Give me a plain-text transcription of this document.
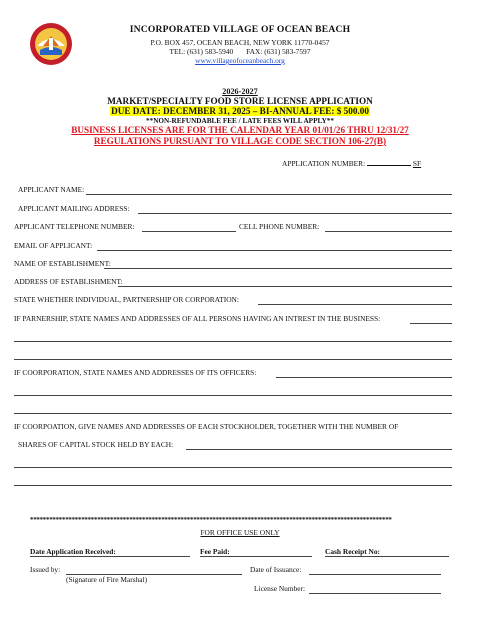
INCORPORATED VILLAGE OF OCEAN BEACH
P.O. BOX 457, OCEAN BEACH, NEW YORK 11770-0457
TEL: (631) 583-5940       FAX: (631) 583-7597
www.villageofoceanbeach.org
2026-2027
MARKET/SPECIALTY FOOD STORE LICENSE APPLICATION
DUE DATE: DECEMBER 31, 2025 – BI-ANNUAL FEE: $ 500.00
**NON-REFUNDABLE FEE / LATE FEES WILL APPLY**
BUSINESS LICENSES ARE FOR THE CALENDAR YEAR 01/01/26 THRU 12/31/27
REGULATIONS PURSUANT TO VILLAGE CODE SECTION 106-27(B)
APPLICATION NUMBER:	SF
APPLICANT NAME:
APPLICANT MAILING ADDRESS:
APPLICANT TELEPHONE NUMBER:	CELL PHONE NUMBER:
EMAIL OF APPLICANT:
NAME OF ESTABLISHMENT:
ADDRESS OF ESTABLISHMENT:
STATE WHETHER INDIVIDUAL, PARTNERSHIP OR CORPORATION:
IF PARNERSHIP, STATE NAMES AND ADDRESSES OF ALL PERSONS HAVING AN INTREST IN THE BUSINESS:
IF COORPORATION, STATE NAMES AND ADDRESSES OF ITS OFFICERS:
IF COORPOATION, GIVE NAMES AND ADDRESSES OF EACH STOCKHOLDER, TOGETHER WITH THE NUMBER OF
SHARES OF CAPITAL STOCK HELD BY EACH:
*****************************************************************************************************************
FOR OFFICE USE ONLY
Date Application Received:	Fee Paid:	Cash Receipt No:
Issued by:
(Signature of Fire Marshal)
Date of Issuance:
License Number:
